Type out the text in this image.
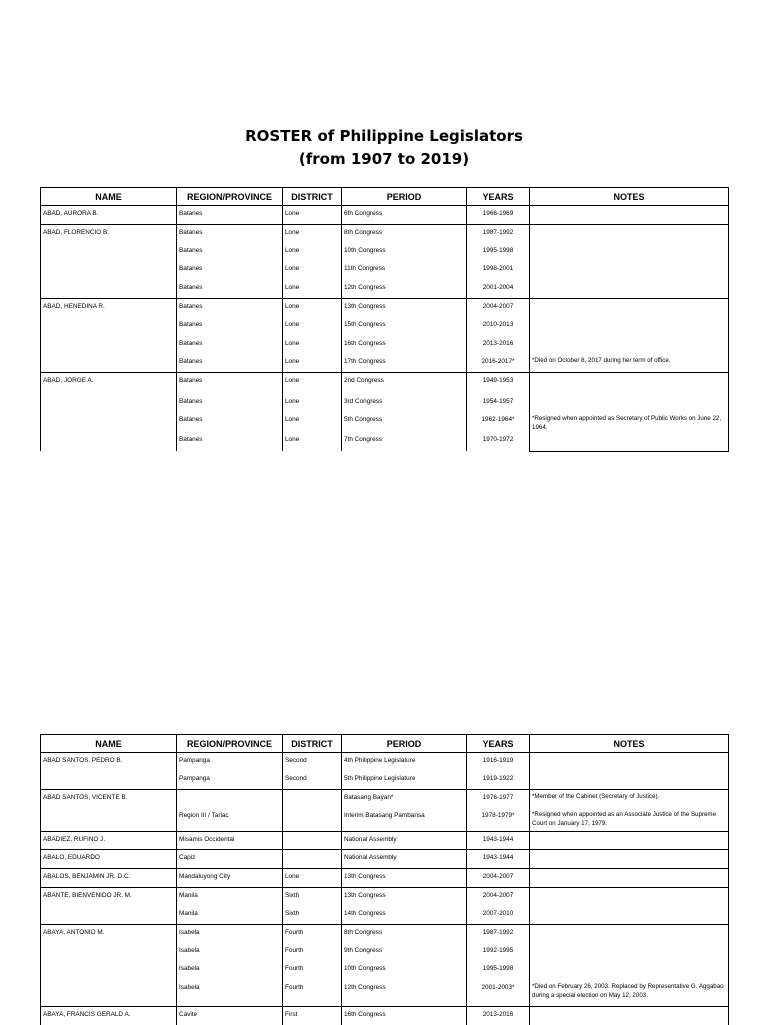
ROSTER of Philippine Legislators
(from 1907 to 2019)
NAME	REGION/PROVINCE	DISTRICT	PERIOD	YEARS	NOTES
ABAD, AURORA B.	Batanes	Lone	6th Congress	1966-1969	
ABAD, FLORENCIO B.	Batanes	Lone	8th Congress	1987-1992	
	Batanes	Lone	10th Congress	1995-1998	
	Batanes	Lone	11th Congress	1998-2001	
	Batanes	Lone	12th Congress	2001-2004	
ABAD, HENEDINA R.	Batanes	Lone	13th Congress	2004-2007	
	Batanes	Lone	15th Congress	2010-2013	
	Batanes	Lone	16th Congress	2013-2016	
	Batanes	Lone	17th Congress	2016-2017*	*Died on October 8, 2017 during her term of office.
ABAD, JORGE A.	Batanes	Lone	2nd Congress	1949-1953	
	Batanes	Lone	3rd Congress	1954-1957	
	Batanes	Lone	5th Congress	1962-1964*	*Resigned when appointed as Secretary of Public Works on June 22, 1964.
	Batanes	Lone	7th Congress	1970-1972	
NAME	REGION/PROVINCE	DISTRICT	PERIOD	YEARS	NOTES
ABAD SANTOS, PEDRO B.	Pampanga	Second	4th Philippine Legislature	1916-1919	
	Pampanga	Second	5th Philippine Legislature	1919-1922	
ABAD SANTOS, VICENTE B.			Batasang Bayan*	1976-1977	*Member of the Cabinet (Secretary of Justice).
	Region III / Tarlac		Interim Batasang Pambansa	1978-1979*	*Resigned when appointed as an Associate Justice of the Supreme Court on January 17, 1979.
ABADIEZ, RUFINO J.	Misamis Occidental		National Assembly	1943-1944	
ABALO, EDUARDO	Capiz		National Assembly	1943-1944	
ABALOS, BENJAMIN JR. D.C.	Mandaluyong City	Lone	13th Congress	2004-2007	
ABANTE, BIENVENIDO JR. M.	Manila	Sixth	13th Congress	2004-2007	
	Manila	Sixth	14th Congress	2007-2010	
ABAYA, ANTONIO M.	Isabela	Fourth	8th Congress	1987-1992	
	Isabela	Fourth	9th Congress	1992-1995	
	Isabela	Fourth	10th Congress	1995-1998	
	Isabela	Fourth	12th Congress	2001-2003*	*Died on February 26, 2003. Replaced by Representative G. Aggabao during a special election on May 12, 2003.
ABAYA, FRANCIS GERALD A.	Cavite	First	16th Congress	2013-2016	
